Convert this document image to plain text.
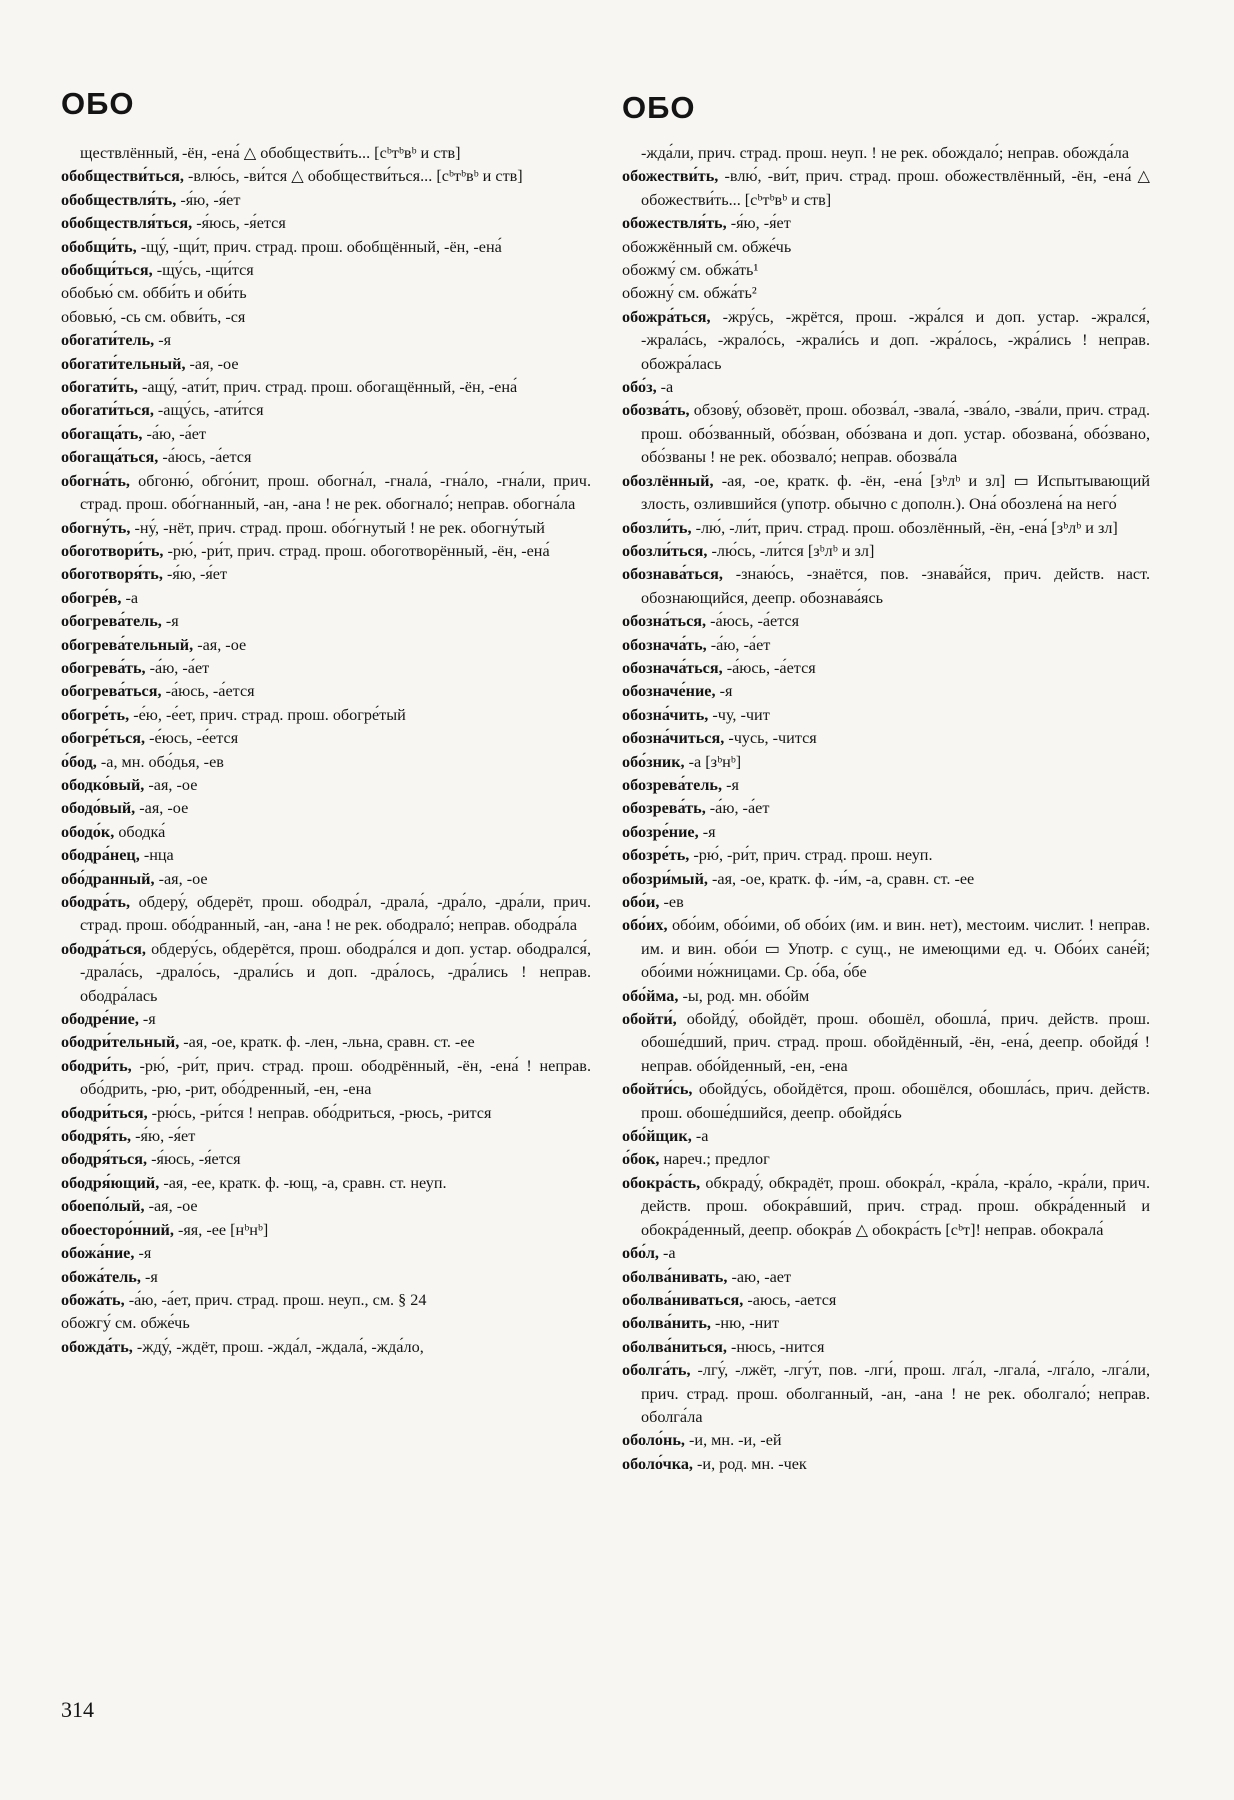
ОБО	ОБО

ществлённый, -ён, -ена́ △ обобществи́ть... [сᵇтᵇвᵇ и ств]

обобществи́ться, -влю́сь, -ви́тся △ обобществи́ться... [сᵇтᵇвᵇ и ств]

обобществля́ть, -я́ю, -я́ет

обобществля́ться, -я́юсь, -я́ется

обобщи́ть, -щу́, -щи́т, прич. страд. прош. обобщённый, -ён, -ена́

обобщи́ться, -щу́сь, -щи́тся

обобью́ см. обби́ть и оби́ть

обовью́, -сь см. обви́ть, -ся

обогати́тель, -я

обогати́тельный, -ая, -ое

обогати́ть, -ащу́, -ати́т, прич. страд. прош. обогащённый, -ён, -ена́

обогати́ться, -ащу́сь, -ати́тся

обогаща́ть, -а́ю, -а́ет

обогаща́ться, -а́юсь, -а́ется

обогна́ть, обгоню́, обго́нит, прош. обогна́л, -гнала́, -гна́ло, -гна́ли, прич. страд. прош. обо́гнанный, -ан, -ана ! не рек. обогнало́; неправ. обогна́ла

обогну́ть, -ну́, -нёт, прич. страд. прош. обо́гнутый ! не рек. обогну́тый

обоготвори́ть, -рю́, -ри́т, прич. страд. прош. обоготворённый, -ён, -ена́

обоготворя́ть, -я́ю, -я́ет

обогре́в, -а

обогрева́тель, -я

обогрева́тельный, -ая, -ое

обогрева́ть, -а́ю, -а́ет

обогрева́ться, -а́юсь, -а́ется

обогре́ть, -е́ю, -е́ет, прич. страд. прош. обогре́тый

обогре́ться, -е́юсь, -е́ется

о́бод, -а, мн. обо́дья, -ев

ободко́вый, -ая, -ое

ободо́вый, -ая, -ое

ободо́к, ободка́

ободра́нец, -нца

обо́дранный, -ая, -ое

ободра́ть, обдеру́, обдерёт, прош. ободра́л, -драла́, -дра́ло, -дра́ли, прич. страд. прош. обо́дранный, -ан, -ана ! не рек. ободрало́; неправ. ободра́ла

ободра́ться, обдеру́сь, обдерётся, прош. ободра́лся и доп. устар. ободрался́, -драла́сь, -драло́сь, -драли́сь и доп. -дра́лось, -дра́лись ! неправ. ободра́лась

ободре́ние, -я

ободри́тельный, -ая, -ое, кратк. ф. -лен, -льна, сравн. ст. -ее

ободри́ть, -рю́, -ри́т, прич. страд. прош. ободрённый, -ён, -ена́ ! неправ. обо́дрить, -рю, -рит, обо́дренный, -ен, -ена

ободри́ться, -рю́сь, -ри́тся ! неправ. обо́дриться, -рюсь, -рится

ободря́ть, -я́ю, -я́ет

ободря́ться, -я́юсь, -я́ется

ободря́ющий, -ая, -ее, кратк. ф. -ющ, -а, сравн. ст. неуп.

обоепо́лый, -ая, -ое

обоесторо́нний, -яя, -ее [нᵇнᵇ]

обожа́ние, -я

обожа́тель, -я

обожа́ть, -а́ю, -а́ет, прич. страд. прош. неуп., см. § 24

обожгу́ см. обже́чь

обожда́ть, -жду́, -ждёт, прош. -жда́л, -ждала́, -жда́ло,

-жда́ли, прич. страд. прош. неуп. ! не рек. обождало́; неправ. обожда́ла

обожестви́ть, -влю́, -ви́т, прич. страд. прош. обожествлённый, -ён, -ена́ △ обожестви́ть... [сᵇтᵇвᵇ и ств]

обожествля́ть, -я́ю, -я́ет

обожжённый см. обже́чь

обожму́ см. обжа́ть¹

обожну́ см. обжа́ть²

обожра́ться, -жру́сь, -жрётся, прош. -жра́лся и доп. устар. -жрался́, -жрала́сь, -жрало́сь, -жрали́сь и доп. -жра́лось, -жра́лись ! неправ. обожра́лась

обо́з, -а

обозва́ть, обзову́, обзовёт, прош. обозва́л, -звала́, -зва́ло, -зва́ли, прич. страд. прош. обо́званный, обо́зван, обо́звана и доп. устар. обозвана́, обо́звано, обо́званы ! не рек. обозвало́; неправ. обозва́ла

обозлённый, -ая, -ое, кратк. ф. -ён, -ена́ [зᵇлᵇ и зл] ▭ Испытывающий злость, озлившийся (употр. обычно с дополн.). Она́ обозлена́ на него́

обозли́ть, -лю́, -ли́т, прич. страд. прош. обозлённый, -ён, -ена́ [зᵇлᵇ и зл]

обозли́ться, -лю́сь, -ли́тся [зᵇлᵇ и зл]

обознава́ться, -знаю́сь, -знаётся, пов. -знава́йся, прич. действ. наст. обознающийся, деепр. обознава́ясь

обозна́ться, -а́юсь, -а́ется

обознача́ть, -а́ю, -а́ет

обознача́ться, -а́юсь, -а́ется

обозначе́ние, -я

обозна́чить, -чу, -чит

обозна́читься, -чусь, -чится

обо́зник, -а [зᵇнᵇ]

обозрева́тель, -я

обозрева́ть, -а́ю, -а́ет

обозре́ние, -я

обозре́ть, -рю́, -ри́т, прич. страд. прош. неуп.

обозри́мый, -ая, -ое, кратк. ф. -и́м, -а, сравн. ст. -ее

обо́и, -ев

обо́их, обо́им, обо́ими, об обо́их (им. и вин. нет), местоим. числит. ! неправ. им. и вин. обо́и ▭ Употр. с сущ., не имеющими ед. ч. Обо́их сане́й; обо́ими но́жницами. Ср. о́ба, о́бе

обо́йма, -ы, род. мн. обо́йм

обойти́, обойду́, обойдёт, прош. обошёл, обошла́, прич. действ. прош. обоше́дший, прич. страд. прош. обойдённый, -ён, -ена́, деепр. обойдя́ ! неправ. обо́йденный, -ен, -ена

обойти́сь, обойду́сь, обойдётся, прош. обошёлся, обошла́сь, прич. действ. прош. обоше́дшийся, деепр. обойдя́сь

обо́йщик, -а

о́бок, нареч.; предлог

обокра́сть, обкраду́, обкрадёт, прош. обокра́л, -кра́ла, -кра́ло, -кра́ли, прич. действ. прош. обокра́вший, прич. страд. прош. обкра́денный и обокра́денный, деепр. обокра́в △ обокра́сть [сᵇт]! неправ. обокрала́

обо́л, -а

оболва́нивать, -аю, -ает

оболва́ниваться, -аюсь, -ается

оболва́нить, -ню, -нит

оболва́ниться, -нюсь, -нится

оболга́ть, -лгу́, -лжёт, -лгу́т, пов. -лги́, прош. лга́л, -лгала́, -лга́ло, -лга́ли, прич. страд. прош. оболганный, -ан, -ана ! не рек. оболгало́; неправ. оболга́ла

оболо́нь, -и, мн. -и, -ей

оболо́чка, -и, род. мн. -чек

314
